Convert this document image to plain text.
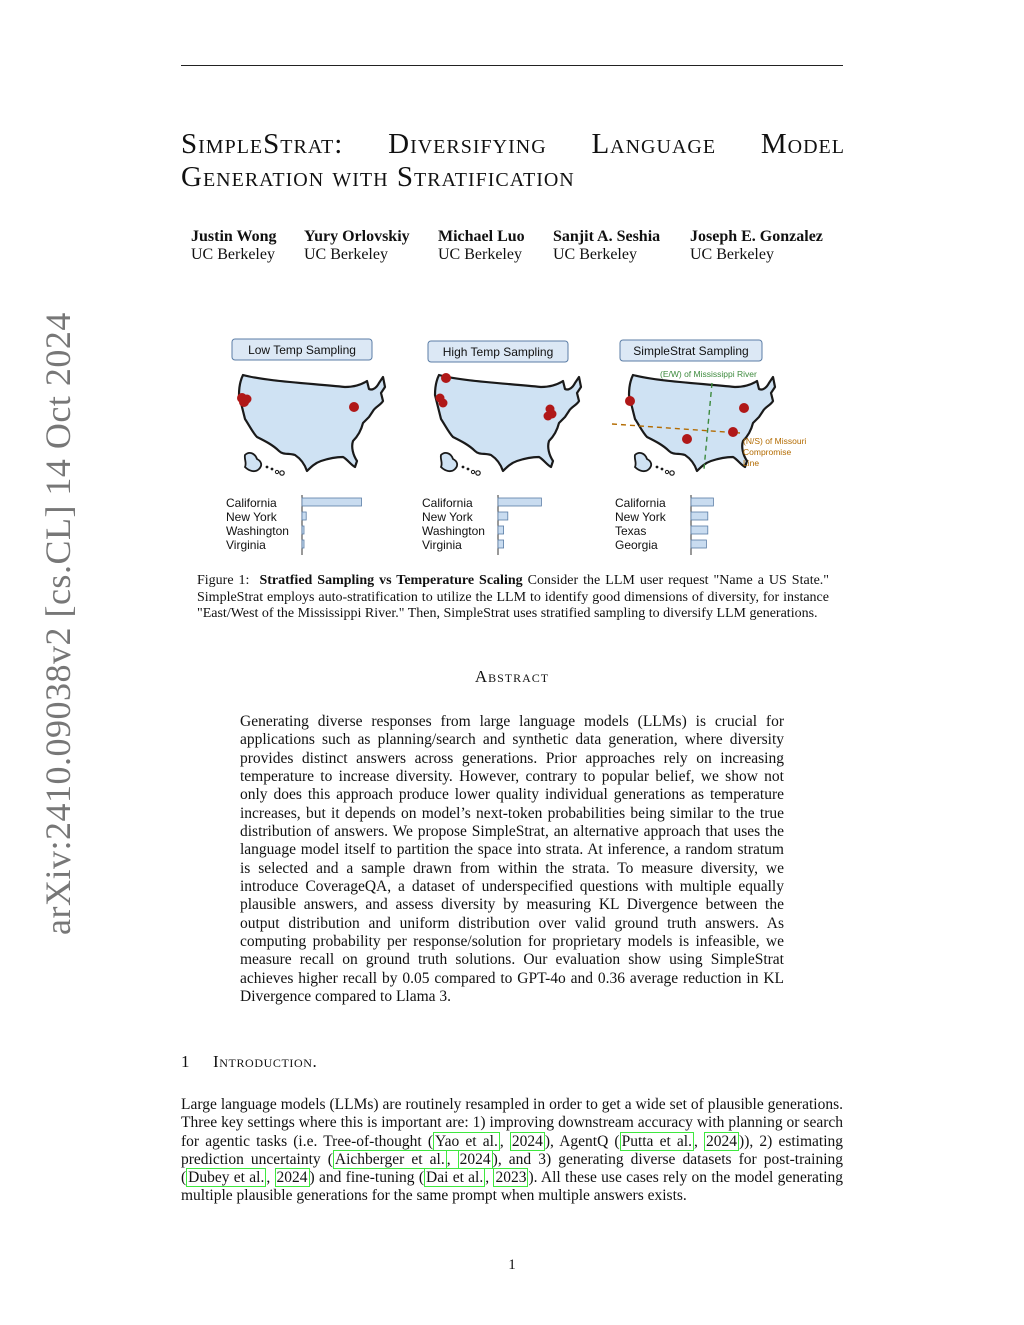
arXiv:2410.09038v2 [cs.CL] 14 Oct 2024
SimpleStrat: Diversifying Language Model
Generation with Stratification
Justin Wong
UC Berkeley
Yury Orlovskiy
UC Berkeley
Michael Luo
UC Berkeley
Sanjit A. Seshia
UC Berkeley
Joseph E. Gonzalez
UC Berkeley
Low Temp Sampling	High Temp Sampling	SimpleStrat Sampling
(E/W) of Mississippi River
(N/S) of Missouri
Compromise
Line
California
New York
Washington
Virginia
California
New York
Washington
Virginia
California
New York
Texas
Georgia
Figure 1: Stratfied Sampling vs Temperature Scaling Consider the LLM user request "Name a US State." SimpleStrat employs auto-stratification to utilize the LLM to identify good dimensions of diversity, for instance "East/West of the Mississippi River." Then, SimpleStrat uses stratified sampling to diversify LLM generations.
Abstract
Generating diverse responses from large language models (LLMs) is crucial for applications such as planning/search and synthetic data generation, where diversity provides distinct answers across generations. Prior approaches rely on increasing temperature to increase diversity. However, contrary to popular belief, we show not only does this approach produce lower quality individual generations as temperature increases, but it depends on model’s next-token probabilities being similar to the true distribution of answers. We propose SimpleStrat, an alternative approach that uses the language model itself to partition the space into strata. At inference, a random stratum is selected and a sample drawn from within the strata. To measure diversity, we introduce CoverageQA, a dataset of underspecified questions with multiple equally plausible answers, and assess diversity by measuring KL Divergence between the output distribution and uniform distribution over valid ground truth answers. As computing probability per response/solution for proprietary models is infeasible, we measure recall on ground truth solutions. Our evaluation show using SimpleStrat achieves higher recall by 0.05 compared to GPT-4o and 0.36 average reduction in KL Divergence compared to Llama 3.
1 Introduction.
Large language models (LLMs) are routinely resampled in order to get a wide set of plausible generations. Three key settings where this is important are: 1) improving downstream accuracy with planning or search for agentic tasks (i.e. Tree-of-thought ( Yao et al. , 2024 ), AgentQ ( Putta et al. , 2024 )), 2) estimating prediction uncertainty ( Aichberger et al. , 2024 ), and 3) generating diverse datasets for post-training ( Dubey et al. , 2024 ) and fine-tuning ( Dai et al. , 2023 ). All these use cases rely on the model generating multiple plausible generations for the same prompt when multiple answers exists.
1
